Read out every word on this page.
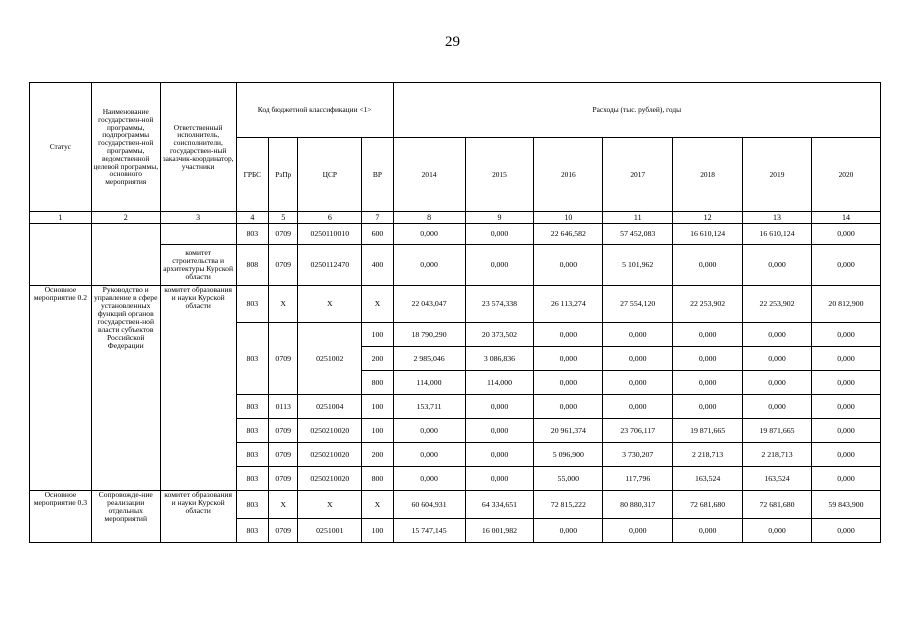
29
Статус	Наименование государствен-ной программы, подпрограммы государствен-ной программы, ведомственной целевой программы, основного мероприятия	Ответственный исполнитель, соисполнители, государствен-ный заказчик-координатор, участники	Код бюджетной классификации <1>				Расходы (тыс. рублей), годы						
			ГРБС	РзПр	ЦСР	ВР	2014	2015	2016	2017	2018	2019	2020
1	2	3	4	5	6	7	8	9	10	11	12	13	14
			803	0709	0250110010	600	0,000	0,000	22 646,582	57 452,083	16 610,124	16 610,124	0,000
		комитет строительства и архитектуры Курской области	808	0709	0250112470	400	0,000	0,000	0,000	5 101,962	0,000	0,000	0,000
Основное мероприятие 0.2	Руководство и управление в сфере установленных функций органов государствен-ной власти субъектов Российской Федерации	комитет образования и науки Курской области	803	Х	Х	Х	22 043,047	23 574,338	26 113,274	27 554,120	22 253,902	22 253,902	20 812,900
			803	0709	0251002	100	18 790,290	20 373,502	0,000	0,000	0,000	0,000	0,000
						200	2 985,046	3 086,836	0,000	0,000	0,000	0,000	0,000
						800	114,000	114,000	0,000	0,000	0,000	0,000	0,000
			803	0113	0251004	100	153,711	0,000	0,000	0,000	0,000	0,000	0,000
			803	0709	0250210020	100	0,000	0,000	20 961,374	23 706,117	19 871,665	19 871,665	0,000
			803	0709	0250210020	200	0,000	0,000	5 096,900	3 730,207	2 218,713	2 218,713	0,000
			803	0709	0250210020	800	0,000	0,000	55,000	117,796	163,524	163,524	0,000
Основное мероприятие 0.3	Сопровожде-ние реализации отдельных мероприятий	комитет образования и науки Курской области	803	Х	Х	Х	60 604,931	64 334,651	72 815,222	80 880,317	72 681,680	72 681,680	59 843,900
			803	0709	0251001	100	15 747,145	16 001,982	0,000	0,000	0,000	0,000	0,000
